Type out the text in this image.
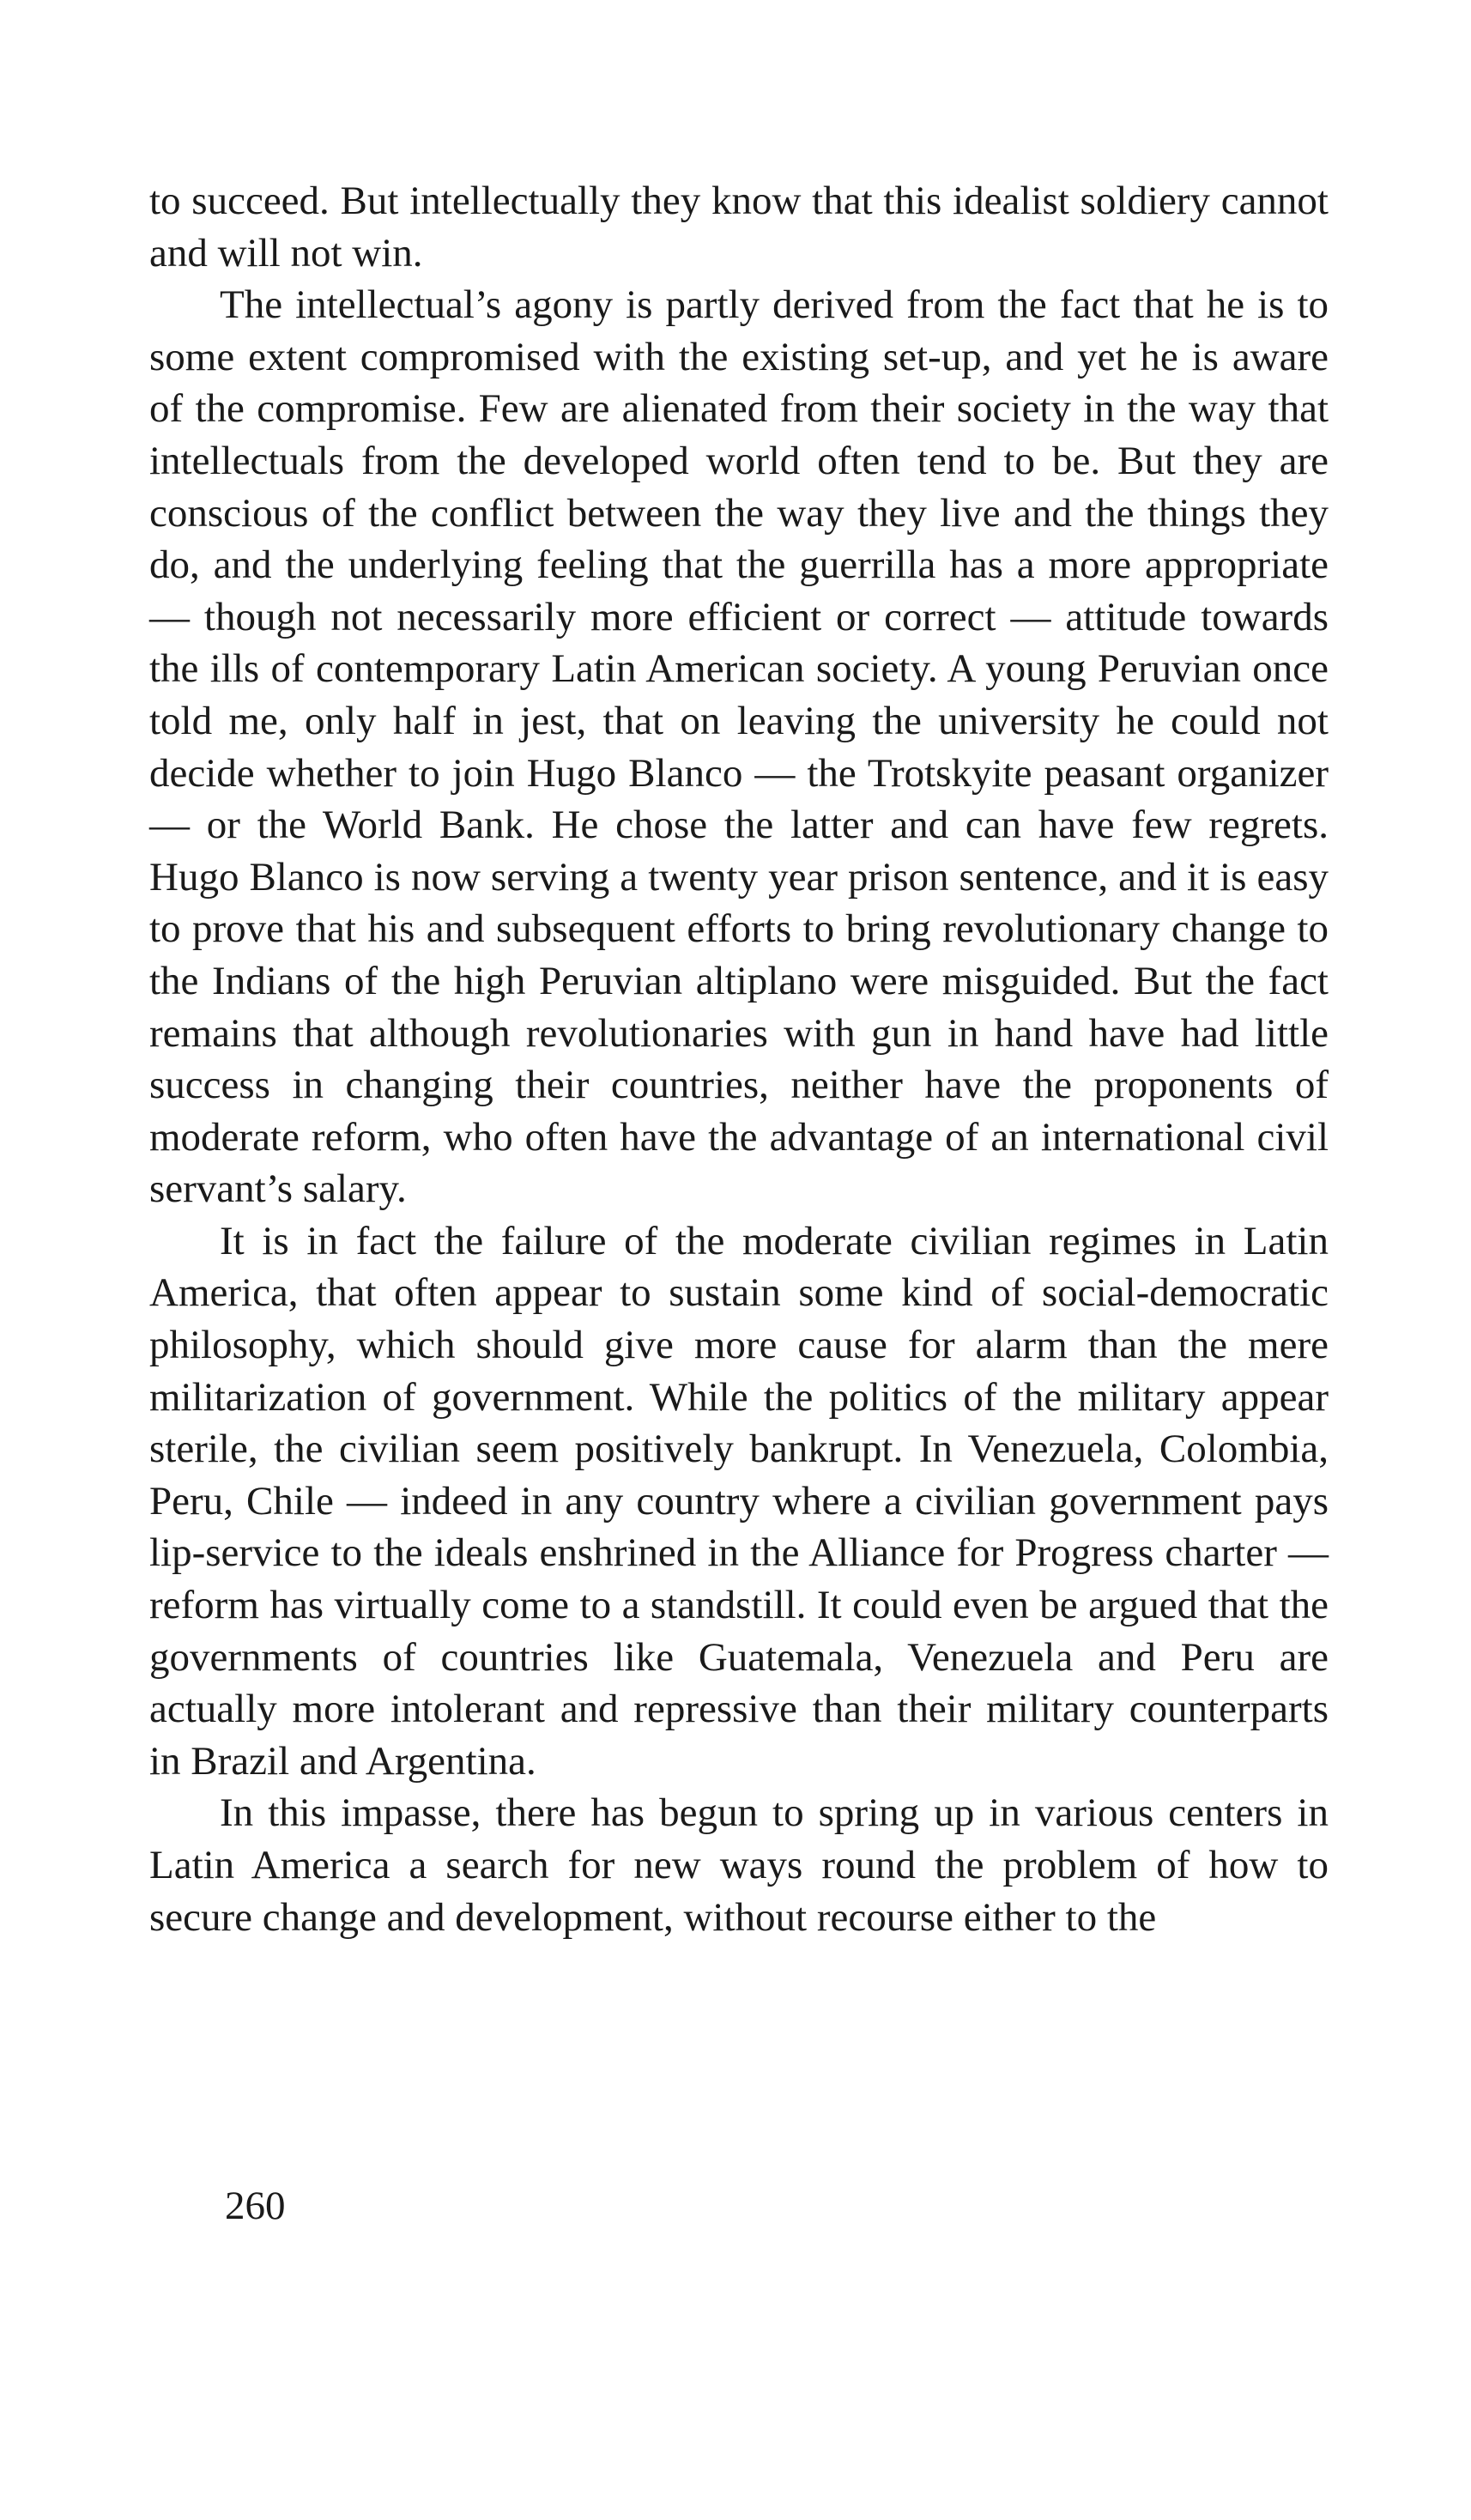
to succeed. But intellectually they know that this idealist soldiery cannot and will not win.

The intellectual’s agony is partly derived from the fact that he is to some extent compromised with the existing set-up, and yet he is aware of the compromise. Few are alienated from their society in the way that intellectuals from the developed world often tend to be. But they are conscious of the conflict between the way they live and the things they do, and the underlying feeling that the guerrilla has a more appropriate — though not necessarily more efficient or correct — attitude towards the ills of contemporary Latin American society. A young Peruvian once told me, only half in jest, that on leaving the university he could not decide whether to join Hugo Blanco — the Trotskyite peasant organizer — or the World Bank. He chose the latter and can have few regrets. Hugo Blanco is now serving a twenty year prison sentence, and it is easy to prove that his and subsequent efforts to bring revolutionary change to the Indians of the high Peruvian altiplano were misguided. But the fact remains that although revolutionaries with gun in hand have had little success in changing their countries, neither have the proponents of moderate reform, who often have the advantage of an international civil servant’s salary.

It is in fact the failure of the moderate civilian regimes in Latin America, that often appear to sustain some kind of social-democratic philosophy, which should give more cause for alarm than the mere militarization of government. While the politics of the military appear sterile, the civilian seem positively bankrupt. In Venezuela, Colombia, Peru, Chile — indeed in any country where a civilian government pays lip-service to the ideals enshrined in the Alliance for Progress charter — reform has virtually come to a standstill. It could even be argued that the governments of countries like Guatemala, Venezuela and Peru are actually more intolerant and repressive than their military counterparts in Brazil and Argentina.

In this impasse, there has begun to spring up in various centers in Latin America a search for new ways round the problem of how to secure change and development, without recourse either to the

260
